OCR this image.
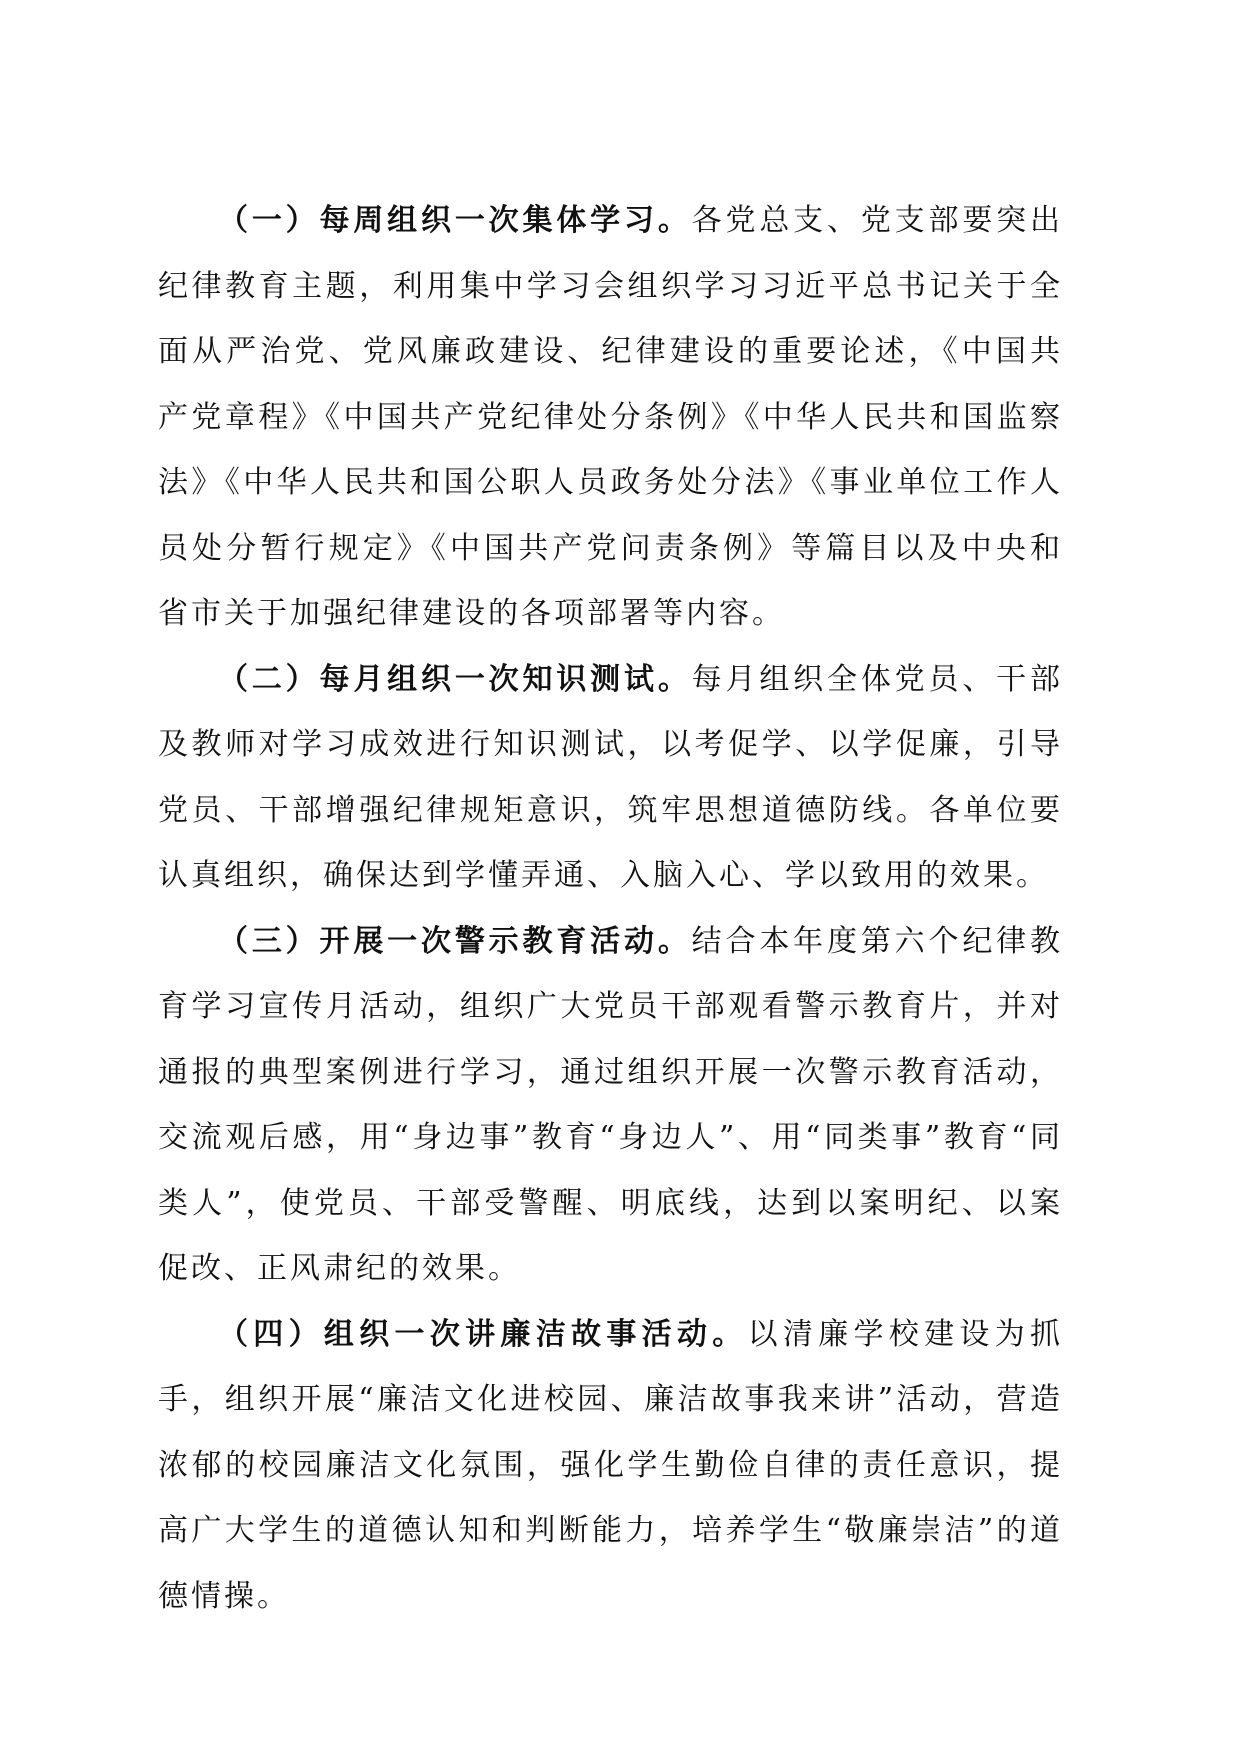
（一）每周组织一次集体学习。各党总支、党支部要突出纪律教育主题，利用集中学习会组织学习习近平总书记关于全面从严治党、党风廉政建设、纪律建设的重要论述，《中国共产党章程》《中国共产党纪律处分条例》《中华人民共和国监察法》《中华人民共和国公职人员政务处分法》《事业单位工作人员处分暂行规定》《中国共产党问责条例》等篇目以及中央和省市关于加强纪律建设的各项部署等内容。

（二）每月组织一次知识测试。每月组织全体党员、干部及教师对学习成效进行知识测试，以考促学、以学促廉，引导党员、干部增强纪律规矩意识，筑牢思想道德防线。各单位要认真组织，确保达到学懂弄通、入脑入心、学以致用的效果。

（三）开展一次警示教育活动。结合本年度第六个纪律教育学习宣传月活动，组织广大党员干部观看警示教育片，并对通报的典型案例进行学习，通过组织开展一次警示教育活动，交流观后感，用“身边事”教育“身边人”、用“同类事”教育“同类人”，使党员、干部受警醒、明底线，达到以案明纪、以案促改、正风肃纪的效果。

（四）组织一次讲廉洁故事活动。以清廉学校建设为抓手，组织开展“廉洁文化进校园、廉洁故事我来讲”活动，营造浓郁的校园廉洁文化氛围，强化学生勤俭自律的责任意识，提高广大学生的道德认知和判断能力，培养学生“敬廉崇洁”的道德情操。
